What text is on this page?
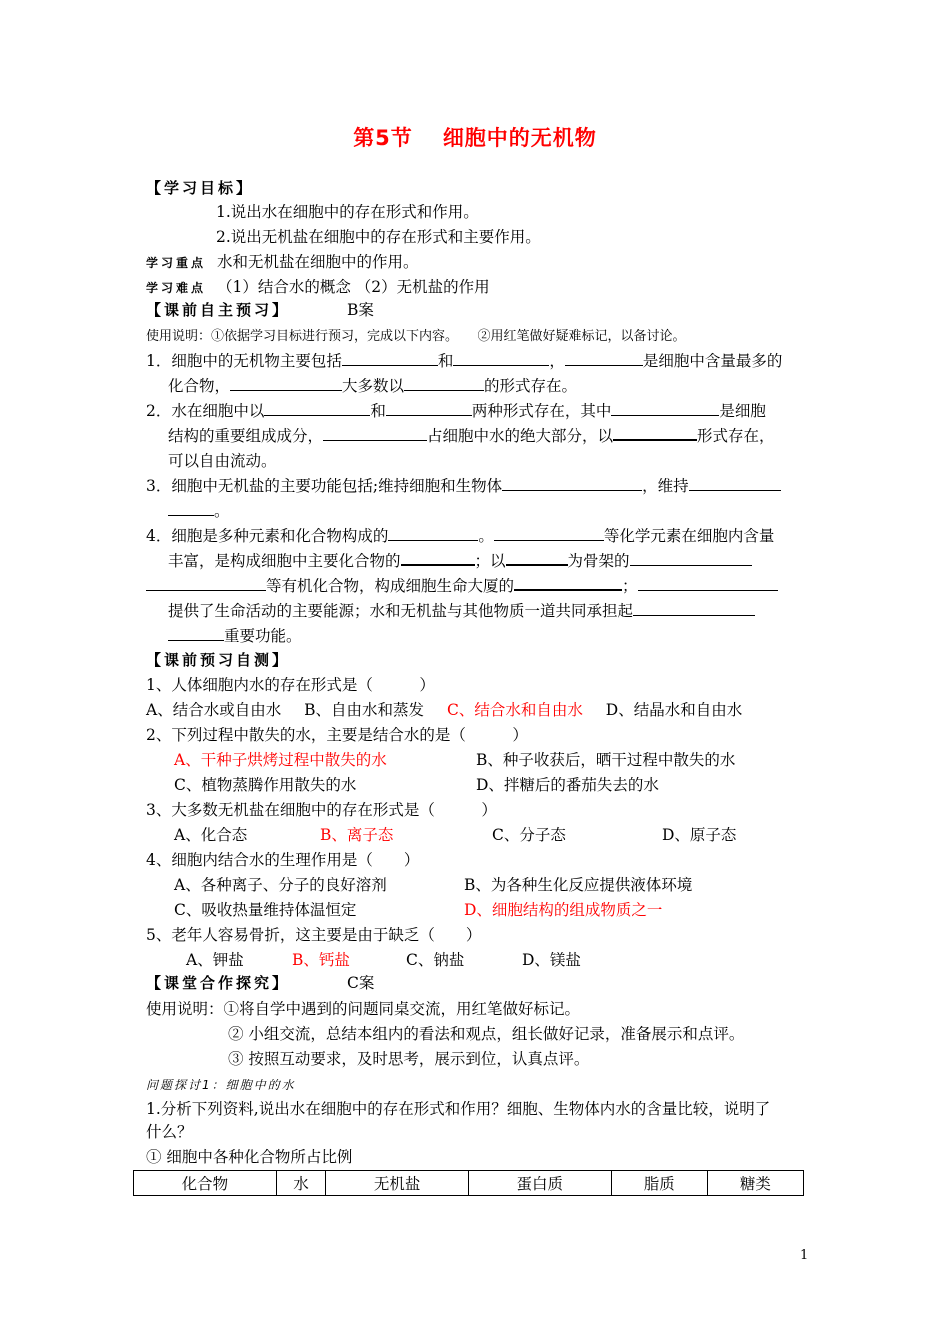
第5节 细胞中的无机物
【学习目标】
1.说出水在细胞中的存在形式和作用。
2.说出无机盐在细胞中的存在形式和主要作用。
学习重点 水和无机盐在细胞中的作用。
学习难点 （1）结合水的概念 （2）无机盐的作用
【课前自主预习】	B案
使用说明：①依据学习目标进行预习，完成以下内容。　　②用红笔做好疑难标记，以备讨论。
1．细胞中的无机物主要包括	和	，	是细胞中含量最多的
化合物，	大多数以	的形式存在。
2．水在细胞中以	和	两种形式存在，其中	是细胞
结构的重要组成成分，	占细胞中水的绝大部分，以	形式存在，
可以自由流动。
3．细胞中无机盐的主要功能包括;维持细胞和生物体	，维持
。
4．细胞是多种元素和化合物构成的	。	等化学元素在细胞内含量
丰富，是构成细胞中主要化合物的	；以	为骨架的
等有机化合物，构成细胞生命大厦的	；
提供了生命活动的主要能源；水和无机盐与其他物质一道共同承担起
重要功能。
【课前预习自测】
1、人体细胞内水的存在形式是（　　　）
A、结合水或自由水 B、自由水和蒸发 C、结合水和自由水 D、结晶水和自由水
2、下列过程中散失的水，主要是结合水的是（　　　）
A、干种子烘烤过程中散失的水	B、种子收获后，晒干过程中散失的水
C、植物蒸腾作用散失的水	D、拌糖后的番茄失去的水
3、大多数无机盐在细胞中的存在形式是（　　　）
A、化合态	B、离子态	C、分子态	D、原子态
4、细胞内结合水的生理作用是（　　）
A、各种离子、分子的良好溶剂	B、为各种生化反应提供液体环境
C、吸收热量维持体温恒定	D、细胞结构的组成物质之一
5、老年人容易骨折，这主要是由于缺乏（　　）
A、钾盐	B、钙盐	C、钠盐	D、镁盐
【课堂合作探究】	C案
使用说明：①将自学中遇到的问题同桌交流，用红笔做好标记。
② 小组交流，总结本组内的看法和观点，组长做好记录，准备展示和点评。
③ 按照互动要求，及时思考，展示到位，认真点评。
问题探讨1：细胞中的水
1.分析下列资料,说出水在细胞中的存在形式和作用？细胞、生物体内水的含量比较，说明了
什么？
① 细胞中各种化合物所占比例
化合物	水	无机盐	蛋白质	脂质	糖类
1
